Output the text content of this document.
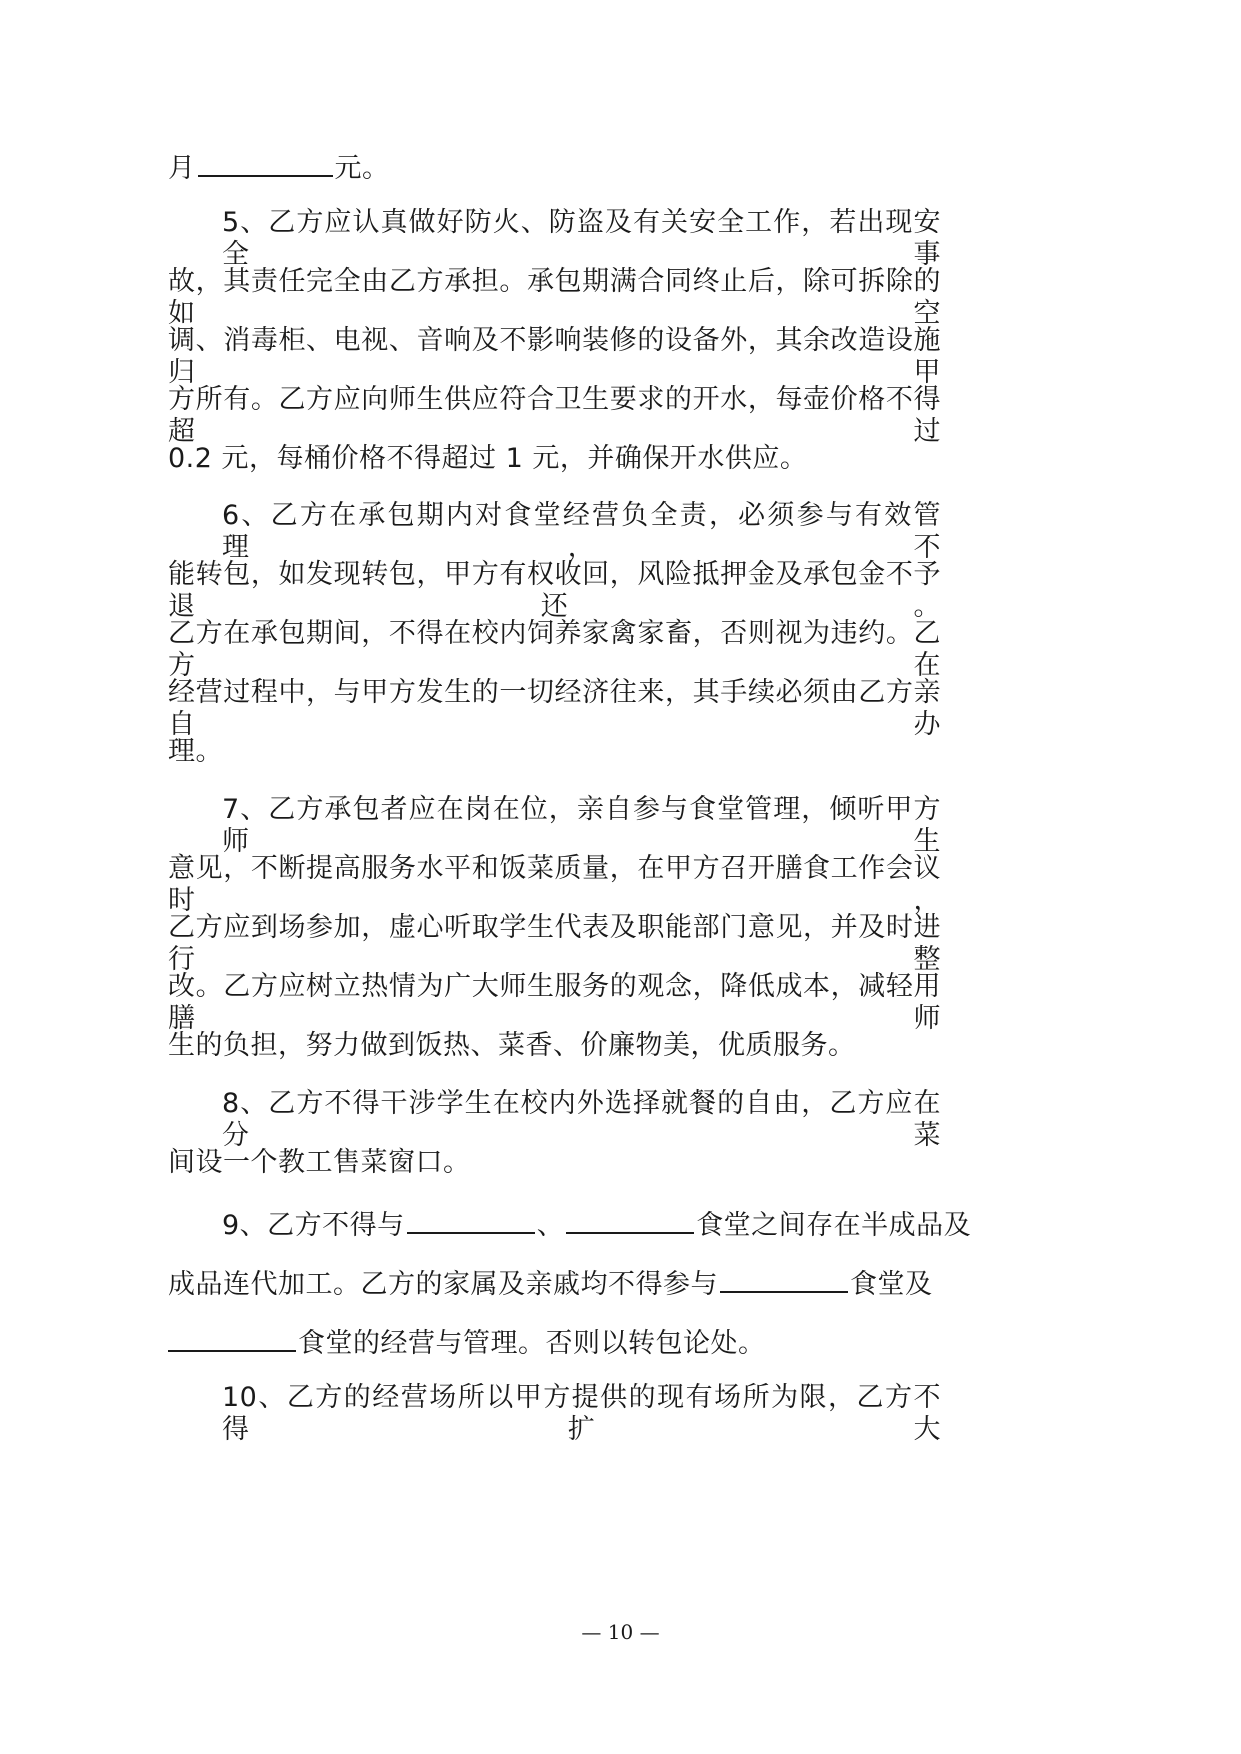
月	元。
5、乙方应认真做好防火、防盗及有关安全工作，若出现安全事
故，其责任完全由乙方承担。承包期满合同终止后，除可拆除的如空
调、消毒柜、电视、音响及不影响装修的设备外，其余改造设施归甲
方所有。乙方应向师生供应符合卫生要求的开水，每壶价格不得超过
0.2 元，每桶价格不得超过 1 元，并确保开水供应。
6、乙方在承包期内对食堂经营负全责，必须参与有效管理，不
能转包，如发现转包，甲方有权收回，风险抵押金及承包金不予退还。
乙方在承包期间，不得在校内饲养家禽家畜，否则视为违约。乙方在
经营过程中，与甲方发生的一切经济往来，其手续必须由乙方亲自办
理。
7、乙方承包者应在岗在位，亲自参与食堂管理，倾听甲方师生
意见，不断提高服务水平和饭菜质量，在甲方召开膳食工作会议时，
乙方应到场参加，虚心听取学生代表及职能部门意见，并及时进行整
改。乙方应树立热情为广大师生服务的观念，降低成本，减轻用膳师
生的负担，努力做到饭热、菜香、价廉物美，优质服务。
8、乙方不得干涉学生在校内外选择就餐的自由，乙方应在分菜
间设一个教工售菜窗口。
9、乙方不得与	、	食堂之间存在半成品及
成品连代加工。乙方的家属及亲戚均不得参与	食堂及
食堂的经营与管理。否则以转包论处。
10、乙方的经营场所以甲方提供的现有场所为限，乙方不得扩大
— 10 —
